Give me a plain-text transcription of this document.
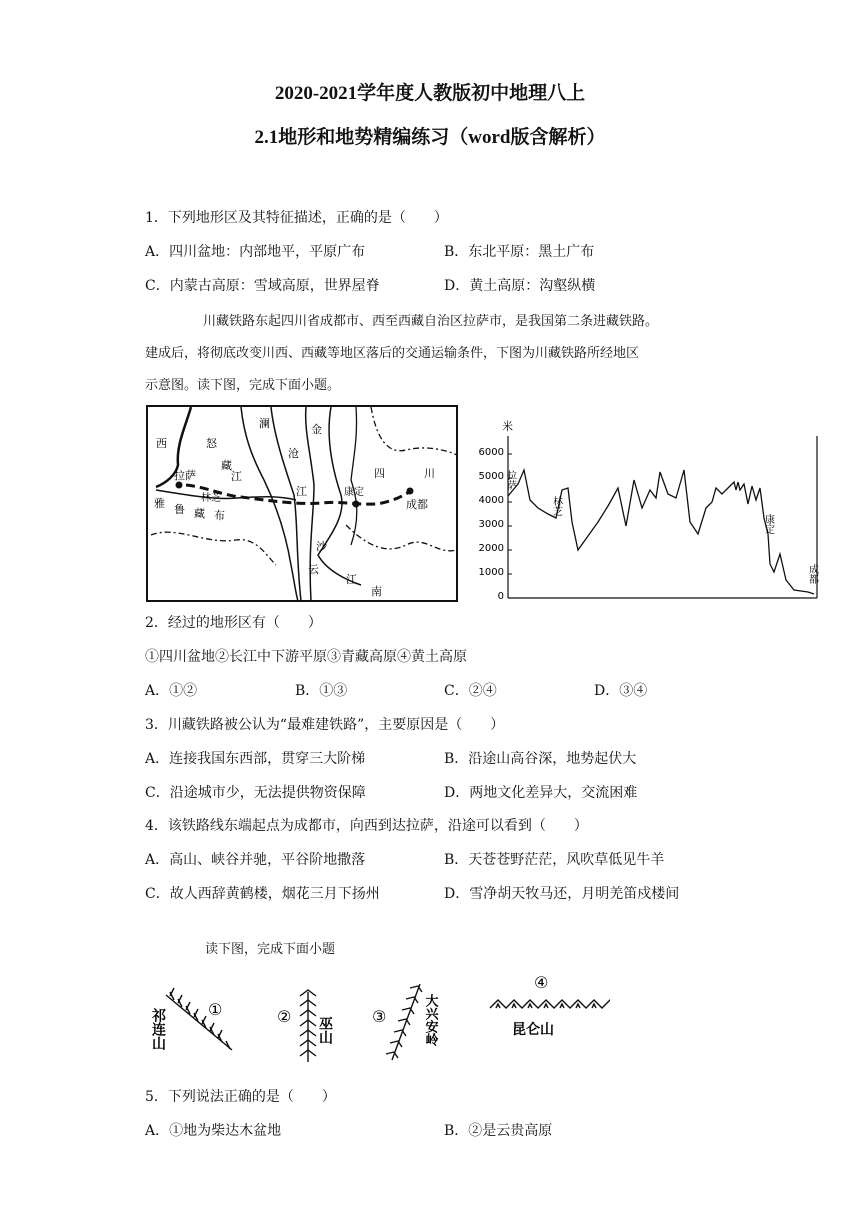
2020-2021学年度人教版初中地理八上
2.1地形和地势精编练习（word版含解析）
1．下列地形区及其特征描述，正确的是（　　）
A．四川盆地：内部地平，平原广布	B．东北平原：黑土广布
C．内蒙古高原：雪域高原，世界屋脊	D．黄土高原：沟壑纵横
川藏铁路东起四川省成都市、西至西藏自治区拉萨市，是我国第二条进藏铁路。
建成后，将彻底改变川西、西藏等地区落后的交通运输条件，下图为川藏铁路所经地区
示意图。读下图，完成下面小题。
西	怒
澜
沧
金
江
江
拉萨
藏
林芝
康定
四	川
成都
雅 鲁 藏 布
沙
云
江
南
米
6000
5000
4000
3000
2000
1000
0
拉萨
林芝
康定
成都
2．经过的地形区有（　　）
①四川盆地②长江中下游平原③青藏高原④黄土高原
A．①②	B．①③	C．②④	D．③④
3．川藏铁路被公认为“最难建铁路”，主要原因是（　　）
A．连接我国东西部，贯穿三大阶梯	B．沿途山高谷深，地势起伏大
C．沿途城市少，无法提供物资保障	D．两地文化差异大，交流困难
4．该铁路线东端起点为成都市，向西到达拉萨，沿途可以看到（　　）
A．高山、峡谷并驰，平谷阶地撒落	B．天苍苍野茫茫，风吹草低见牛羊
C．故人西辞黄鹤楼，烟花三月下扬州	D．雪净胡天牧马还，月明羌笛戍楼间
读下图，完成下面小题
①
祁连山	② 巫山 ③	大兴安岭
④
昆仑山
5．下列说法正确的是（　　）
A．①地为柴达木盆地	B．②是云贵高原
